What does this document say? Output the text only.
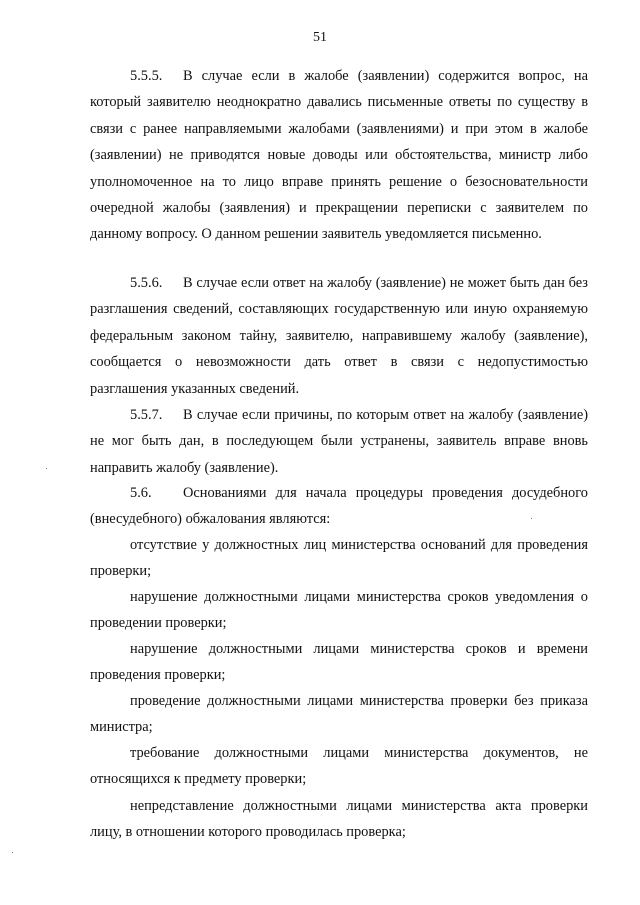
51

5.5.5. В случае если в жалобе (заявлении) содержится вопрос, на который заявителю неоднократно давались письменные ответы по существу в связи с ранее направляемыми жалобами (заявлениями) и при этом в жалобе (заявлении) не приводятся новые доводы или обстоятельства, министр либо уполномоченное на то лицо вправе принять решение о безосновательности очередной жалобы (заявления) и прекращении переписки с заявителем по данному вопросу. О данном решении заявитель уведомляется письменно.

5.5.6. В случае если ответ на жалобу (заявление) не может быть дан без разглашения сведений, составляющих государственную или иную охраняемую федеральным законом тайну, заявителю, направившему жалобу (заявление), сообщается о невозможности дать ответ в связи с недопустимостью разглашения указанных сведений.

5.5.7. В случае если причины, по которым ответ на жалобу (заявление) не мог быть дан, в последующем были устранены, заявитель вправе вновь направить жалобу (заявление).

5.6. Основаниями для начала процедуры проведения досудебного (внесудебного) обжалования являются:

отсутствие у должностных лиц министерства оснований для проведения проверки;

нарушение должностными лицами министерства сроков уведомления о проведении проверки;

нарушение должностными лицами министерства сроков и времени проведения проверки;

проведение должностными лицами министерства проверки без приказа министра;

требование должностными лицами министерства документов, не относящихся к предмету проверки;

непредставление должностными лицами министерства акта проверки лицу, в отношении которого проводилась проверка;
